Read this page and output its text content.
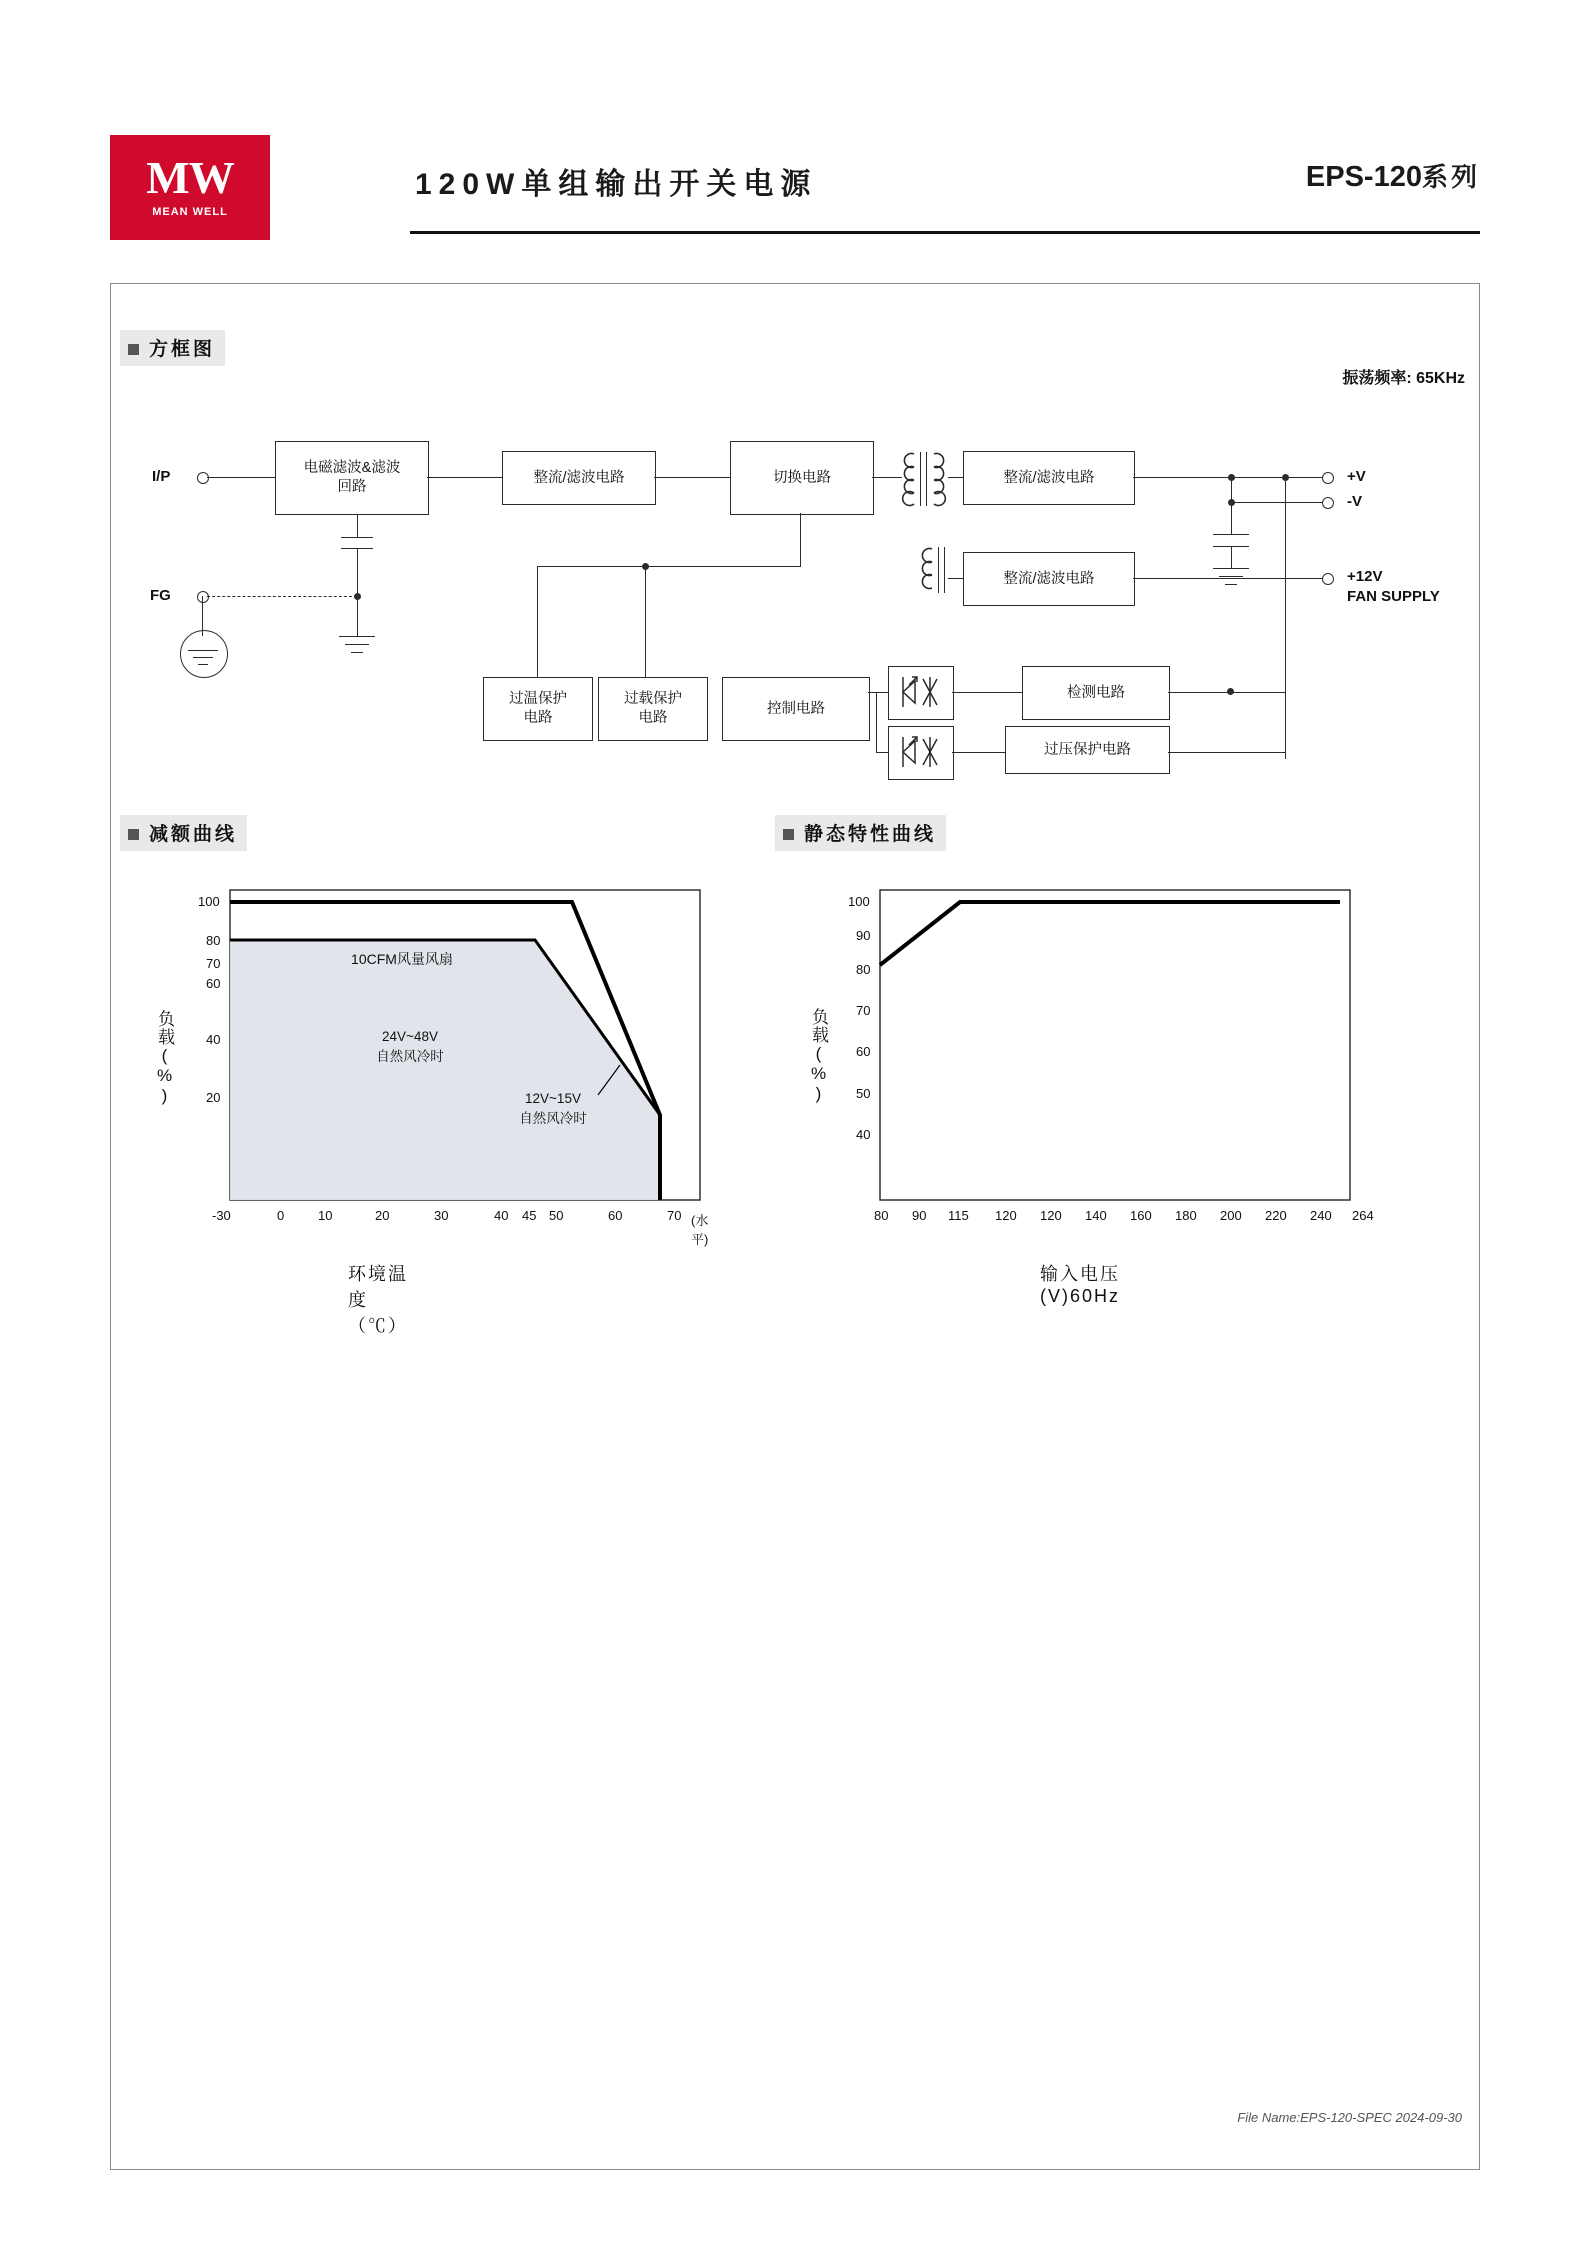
MW
MEAN WELL
120W单组输出开关电源	EPS-120系列
方框图
减额曲线	静态特性曲线
振荡频率: 65KHz
I/P
FG
电磁滤波&滤波
回路
整流/滤波电路	切换电路	整流/滤波电路	+V
-V
整流/滤波电路	+12V
FAN SUPPLY
过温保护
电路
过载保护
电路
控制电路
检测电路
过压保护电路
100
80
70
60
40
20
-30	0	10	20	30	40 45 50	60	70 (水平)
10CFM风量风扇
24V~48V
自然风冷时
12V~15V
自然风冷时
负载(%)
环境温度（℃）
100
90
80
70
60
50
40
80 90 115 120 120 140 160 180 200 220 240 264
负载(%)
输入电压(V)60Hz
File Name:EPS-120-SPEC 2024-09-30
